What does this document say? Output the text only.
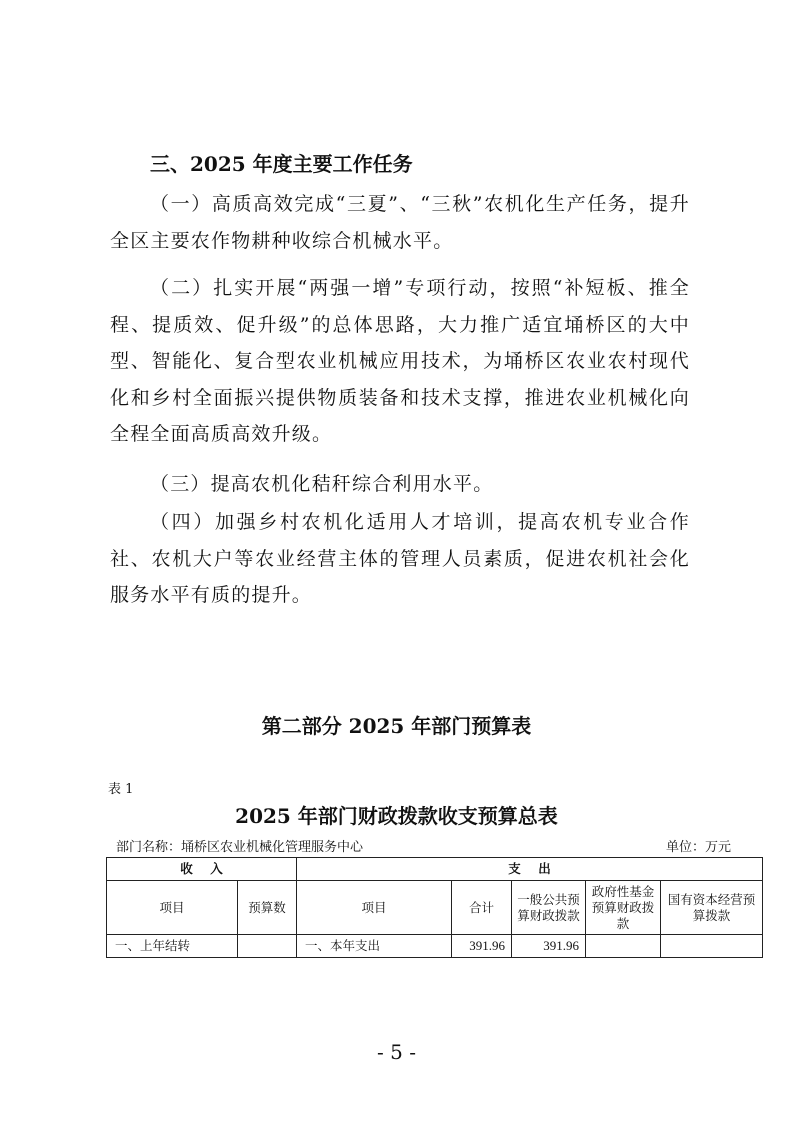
三、2025 年度主要工作任务
（一）高质高效完成“三夏”、“三秋”农机化生产任务，提升全区主要农作物耕种收综合机械水平。
（二）扎实开展“两强一增”专项行动，按照“补短板、推全程、提质效、促升级”的总体思路，大力推广适宜埇桥区的大中型、智能化、复合型农业机械应用技术，为埇桥区农业农村现代化和乡村全面振兴提供物质装备和技术支撑，推进农业机械化向全程全面高质高效升级。
（三）提高农机化秸秆综合利用水平。
（四）加强乡村农机化适用人才培训，提高农机专业合作社、农机大户等农业经营主体的管理人员素质，促进农机社会化服务水平有质的提升。
第二部分 2025 年部门预算表
表 1
2025 年部门财政拨款收支预算总表
部门名称：埇桥区农业机械化管理服务中心	单位：万元
收    入		支    出				
项目	预算数	项目	合计	一般公共预算财政拨款	政府性基金预算财政拨款	国有资本经营预算拨款
一、上年结转		一、本年支出	391.96	391.96		
- 5 -
